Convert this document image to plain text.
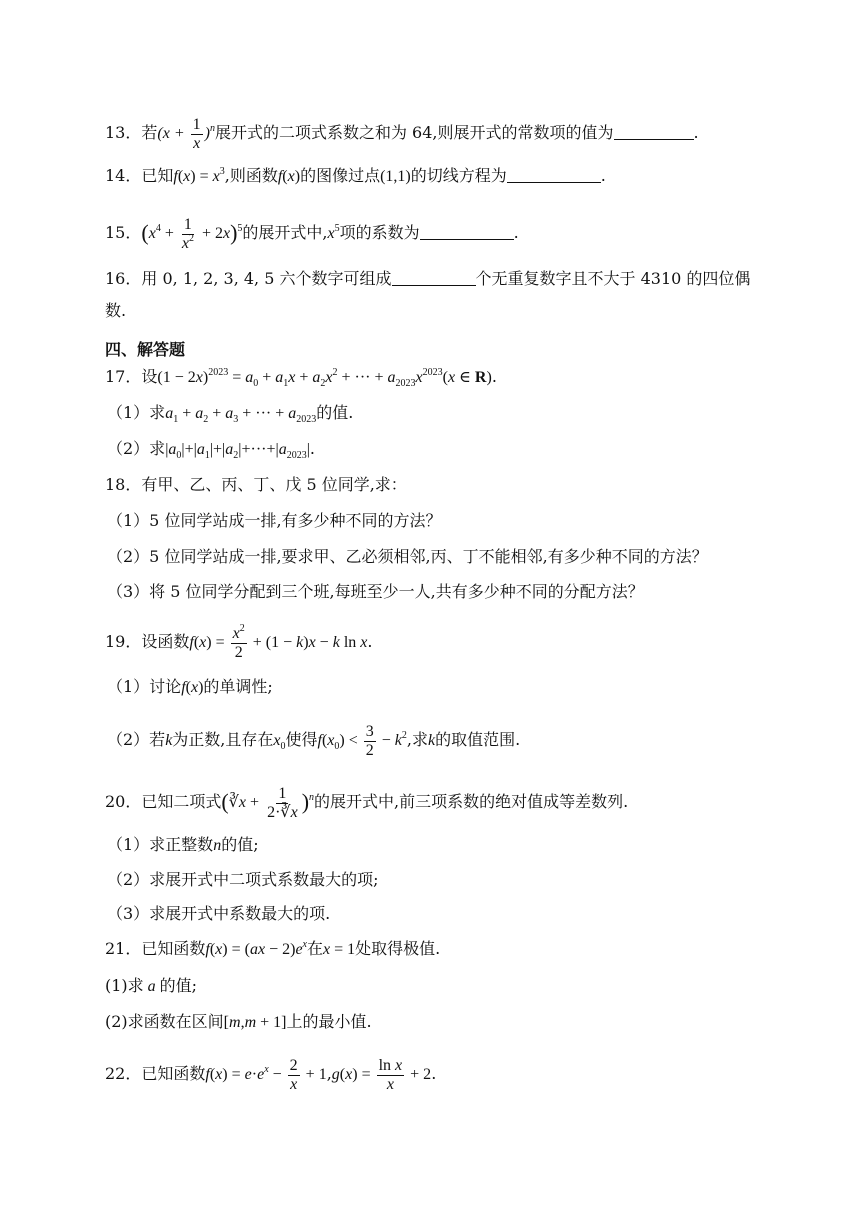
13．若$(x + \frac{1}{x} )^n$展开式的二项式系数之和为 64,则展开式的常数项的值为	.
14．已知$f(x) = x^3$,则函数f(x)的图像过点(1,1)的切线方程为	.
15．$(x^4 + \frac{1}{x^2} + 2x)^5$的展开式中$,x^5$项的系数为	.
16．用 0, 1, 2, 3, 4, 5 六个数字可组成	个无重复数字且不大于 4310 的四位偶
数.
四、解答题
17．设$(1 - 2x)^{2023} = a_0 + a_1x + a_2x^2$ + ··· + $a_{2023}x^{2023}(x$ ∈ R).
（1）求$a_1 + a_2 + a_3$ + ··· + $a_{2023}$的值.
（2）求$|a_0|+|a_1|+|a_2|+\cdot\cdot\cdot+|a_{2023}|$.
18．有甲、乙、丙、丁、戊 5 位同学,求：
（1）5 位同学站成一排,有多少种不同的方法？
（2）5 位同学站成一排,要求甲、乙必须相邻,丙、丁不能相邻,有多少种不同的方法？
（3）将 5 位同学分配到三个班,每班至少一人,共有多少种不同的分配方法？
19．设函数$f(x) = \frac{x^2}{2} + (1 - k)x - k$ ln x.
（1）讨论f(x)的单调性;
（2）若k为正数,且存在$x_0$使得$f(x_0) < \frac{3}{2} - k^2$,求k的取值范围.
20．已知二项式(∛x + $\frac{1}{2\cdot∛x} )^n$的展开式中,前三项系数的绝对值成等差数列.
（1）求正整数n的值;
（2）求展开式中二项式系数最大的项;
（3）求展开式中系数最大的项.
21．已知函数$f(x) = (ax - 2)e^x$在x = 1处取得极值.
(1)求 a 的值;
(2)求函数在区间[m,m + 1]上的最小值.
22．已知函数$f(x) = e\cdot e^x - \frac{2}{x} + 1,g(x) = \frac{\text{ln x}}{x} + 2$.
